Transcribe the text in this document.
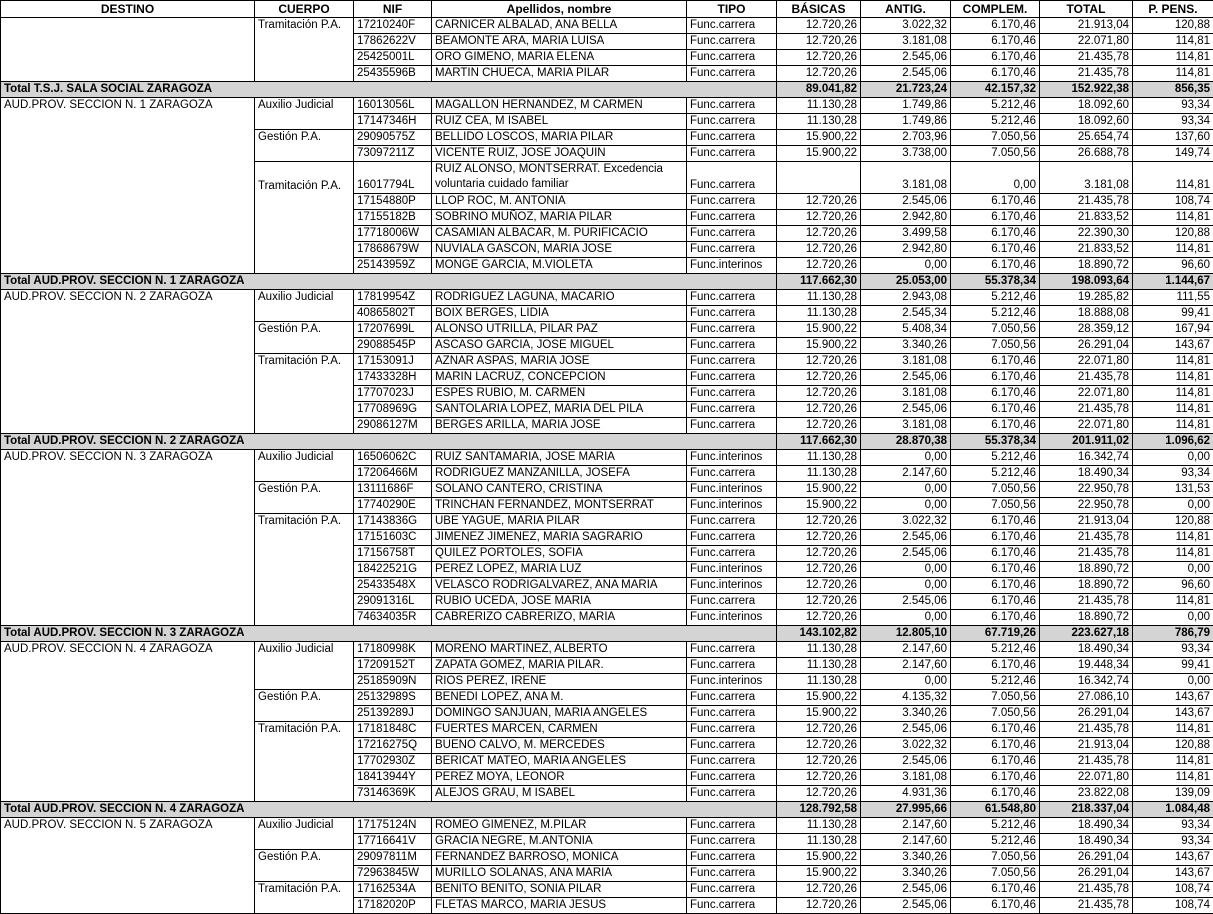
DESTINO	CUERPO	NIF	Apellidos, nombre	TIPO	BÁSICAS	ANTIG.	COMPLEM.	TOTAL	P. PENS.
	Tramitación P.A.	17210240F	CARNICER ALBALAD, ANA BELLA	Func.carrera	12.720,26	3.022,32	6.170,46	21.913,04	120,88
		17862622V	BEAMONTE ARA, MARIA LUISA	Func.carrera	12.720,26	3.181,08	6.170,46	22.071,80	114,81
		25425001L	ORO GIMENO, MARIA ELENA	Func.carrera	12.720,26	2.545,06	6.170,46	21.435,78	114,81
		25435596B	MARTIN CHUECA, MARIA PILAR	Func.carrera	12.720,26	2.545,06	6.170,46	21.435,78	114,81
Total T.S.J. SALA SOCIAL ZARAGOZA					89.041,82	21.723,24	42.157,32	152.922,38	856,35
AUD.PROV. SECCION N. 1 ZARAGOZA	Auxilio Judicial	16013056L	MAGALLON HERNANDEZ, M CARMEN	Func.carrera	11.130,28	1.749,86	5.212,46	18.092,60	93,34
		17147346H	RUIZ CEA, M ISABEL	Func.carrera	11.130,28	1.749,86	5.212,46	18.092,60	93,34
	Gestión P.A.	29090575Z	BELLIDO LOSCOS, MARIA PILAR	Func.carrera	15.900,22	2.703,96	7.050,56	25.654,74	137,60
		73097211Z	VICENTE RUIZ, JOSE JOAQUIN	Func.carrera	15.900,22	3.738,00	7.050,56	26.688,78	149,74
	Tramitación P.A.	16017794L	RUIZ ALONSO, MONTSERRAT. Excedencia voluntaria cuidado familiar	Func.carrera		3.181,08	0,00	3.181,08	114,81
		17154880P	LLOP ROC, M. ANTONIA	Func.carrera	12.720,26	2.545,06	6.170,46	21.435,78	108,74
		17155182B	SOBRINO MUÑOZ, MARIA PILAR	Func.carrera	12.720,26	2.942,80	6.170,46	21.833,52	114,81
		17718006W	CASAMIAN ALBACAR, M. PURIFICACIO	Func.carrera	12.720,26	3.499,58	6.170,46	22.390,30	120,88
		17868679W	NUVIALA GASCON, MARIA JOSE	Func.carrera	12.720,26	2.942,80	6.170,46	21.833,52	114,81
		25143959Z	MONGE GARCIA, M.VIOLETA	Func.interinos	12.720,26	0,00	6.170,46	18.890,72	96,60
Total AUD.PROV. SECCION N. 1 ZARAGOZA					117.662,30	25.053,00	55.378,34	198.093,64	1.144,67
AUD.PROV. SECCION N. 2 ZARAGOZA	Auxilio Judicial	17819954Z	RODRIGUEZ LAGUNA, MACARIO	Func.carrera	11.130,28	2.943,08	5.212,46	19.285,82	111,55
		40865802T	BOIX BERGES, LIDIA	Func.carrera	11.130,28	2.545,34	5.212,46	18.888,08	99,41
	Gestión P.A.	17207699L	ALONSO UTRILLA, PILAR PAZ	Func.carrera	15.900,22	5.408,34	7.050,56	28.359,12	167,94
		29088545P	ASCASO GARCIA, JOSE MIGUEL	Func.carrera	15.900,22	3.340,26	7.050,56	26.291,04	143,67
	Tramitación P.A.	17153091J	AZNAR ASPAS, MARIA JOSE	Func.carrera	12.720,26	3.181,08	6.170,46	22.071,80	114,81
		17433328H	MARIN LACRUZ, CONCEPCION	Func.carrera	12.720,26	2.545,06	6.170,46	21.435,78	114,81
		17707023J	ESPES RUBIO, M. CARMEN	Func.carrera	12.720,26	3.181,08	6.170,46	22.071,80	114,81
		17708969G	SANTOLARIA LOPEZ, MARIA DEL PILA	Func.carrera	12.720,26	2.545,06	6.170,46	21.435,78	114,81
		29086127M	BERGES ARILLA, MARIA JOSE	Func.carrera	12.720,26	3.181,08	6.170,46	22.071,80	114,81
Total AUD.PROV. SECCION N. 2 ZARAGOZA					117.662,30	28.870,38	55.378,34	201.911,02	1.096,62
AUD.PROV. SECCION N. 3 ZARAGOZA	Auxilio Judicial	16506062C	RUIZ SANTAMARIA, JOSE MARIA	Func.interinos	11.130,28	0,00	5.212,46	16.342,74	0,00
		17206466M	RODRIGUEZ MANZANILLA, JOSEFA	Func.carrera	11.130,28	2.147,60	5.212,46	18.490,34	93,34
	Gestión P.A.	13111686F	SOLANO CANTERO, CRISTINA	Func.interinos	15.900,22	0,00	7.050,56	22.950,78	131,53
		17740290E	TRINCHAN FERNANDEZ, MONTSERRAT	Func.interinos	15.900,22	0,00	7.050,56	22.950,78	0,00
	Tramitación P.A.	17143836G	UBE YAGUE, MARIA PILAR	Func.carrera	12.720,26	3.022,32	6.170,46	21.913,04	120,88
		17151603C	JIMENEZ JIMENEZ, MARIA SAGRARIO	Func.carrera	12.720,26	2.545,06	6.170,46	21.435,78	114,81
		17156758T	QUILEZ PORTOLES, SOFIA	Func.carrera	12.720,26	2.545,06	6.170,46	21.435,78	114,81
		18422521G	PEREZ LOPEZ, MARIA LUZ	Func.interinos	12.720,26	0,00	6.170,46	18.890,72	0,00
		25433548X	VELASCO RODRIGALVAREZ, ANA MARIA	Func.interinos	12.720,26	0,00	6.170,46	18.890,72	96,60
		29091316L	RUBIO UCEDA, JOSE MARIA	Func.carrera	12.720,26	2.545,06	6.170,46	21.435,78	114,81
		74634035R	CABRERIZO CABRERIZO, MARIA	Func.interinos	12.720,26	0,00	6.170,46	18.890,72	0,00
Total AUD.PROV. SECCION N. 3 ZARAGOZA					143.102,82	12.805,10	67.719,26	223.627,18	786,79
AUD.PROV. SECCION N. 4 ZARAGOZA	Auxilio Judicial	17180998K	MORENO MARTINEZ, ALBERTO	Func.carrera	11.130,28	2.147,60	5.212,46	18.490,34	93,34
		17209152T	ZAPATA GOMEZ, MARIA PILAR.	Func.carrera	11.130,28	2.147,60	6.170,46	19.448,34	99,41
		25185909N	RIOS PEREZ, IRENE	Func.interinos	11.130,28	0,00	5.212,46	16.342,74	0,00
	Gestión P.A.	25132989S	BENEDI LOPEZ, ANA M.	Func.carrera	15.900,22	4.135,32	7.050,56	27.086,10	143,67
		25139289J	DOMINGO SANJUAN, MARIA ANGELES	Func.carrera	15.900,22	3.340,26	7.050,56	26.291,04	143,67
	Tramitación P.A.	17181848C	FUERTES MARCEN, CARMEN	Func.carrera	12.720,26	2.545,06	6.170,46	21.435,78	114,81
		17216275Q	BUENO CALVO, M. MERCEDES	Func.carrera	12.720,26	3.022,32	6.170,46	21.913,04	120,88
		17702930Z	BERICAT MATEO, MARIA ANGELES	Func.carrera	12.720,26	2.545,06	6.170,46	21.435,78	114,81
		18413944Y	PEREZ MOYA, LEONOR	Func.carrera	12.720,26	3.181,08	6.170,46	22.071,80	114,81
		73146369K	ALEJOS GRAU, M ISABEL	Func.carrera	12.720,26	4.931,36	6.170,46	23.822,08	139,09
Total AUD.PROV. SECCION N. 4 ZARAGOZA					128.792,58	27.995,66	61.548,80	218.337,04	1.084,48
AUD.PROV. SECCION N. 5 ZARAGOZA	Auxilio Judicial	17175124N	ROMEO GIMENEZ, M.PILAR	Func.carrera	11.130,28	2.147,60	5.212,46	18.490,34	93,34
		17716641V	GRACIA NEGRE, M.ANTONIA	Func.carrera	11.130,28	2.147,60	5.212,46	18.490,34	93,34
	Gestión P.A.	29097811M	FERNANDEZ BARROSO, MONICA	Func.carrera	15.900,22	3.340,26	7.050,56	26.291,04	143,67
		72963845W	MURILLO SOLANAS, ANA MARIA	Func.carrera	15.900,22	3.340,26	7.050,56	26.291,04	143,67
	Tramitación P.A.	17162534A	BENITO BENITO, SONIA PILAR	Func.carrera	12.720,26	2.545,06	6.170,46	21.435,78	108,74
		17182020P	FLETAS MARCO, MARIA JESUS	Func.carrera	12.720,26	2.545,06	6.170,46	21.435,78	108,74
